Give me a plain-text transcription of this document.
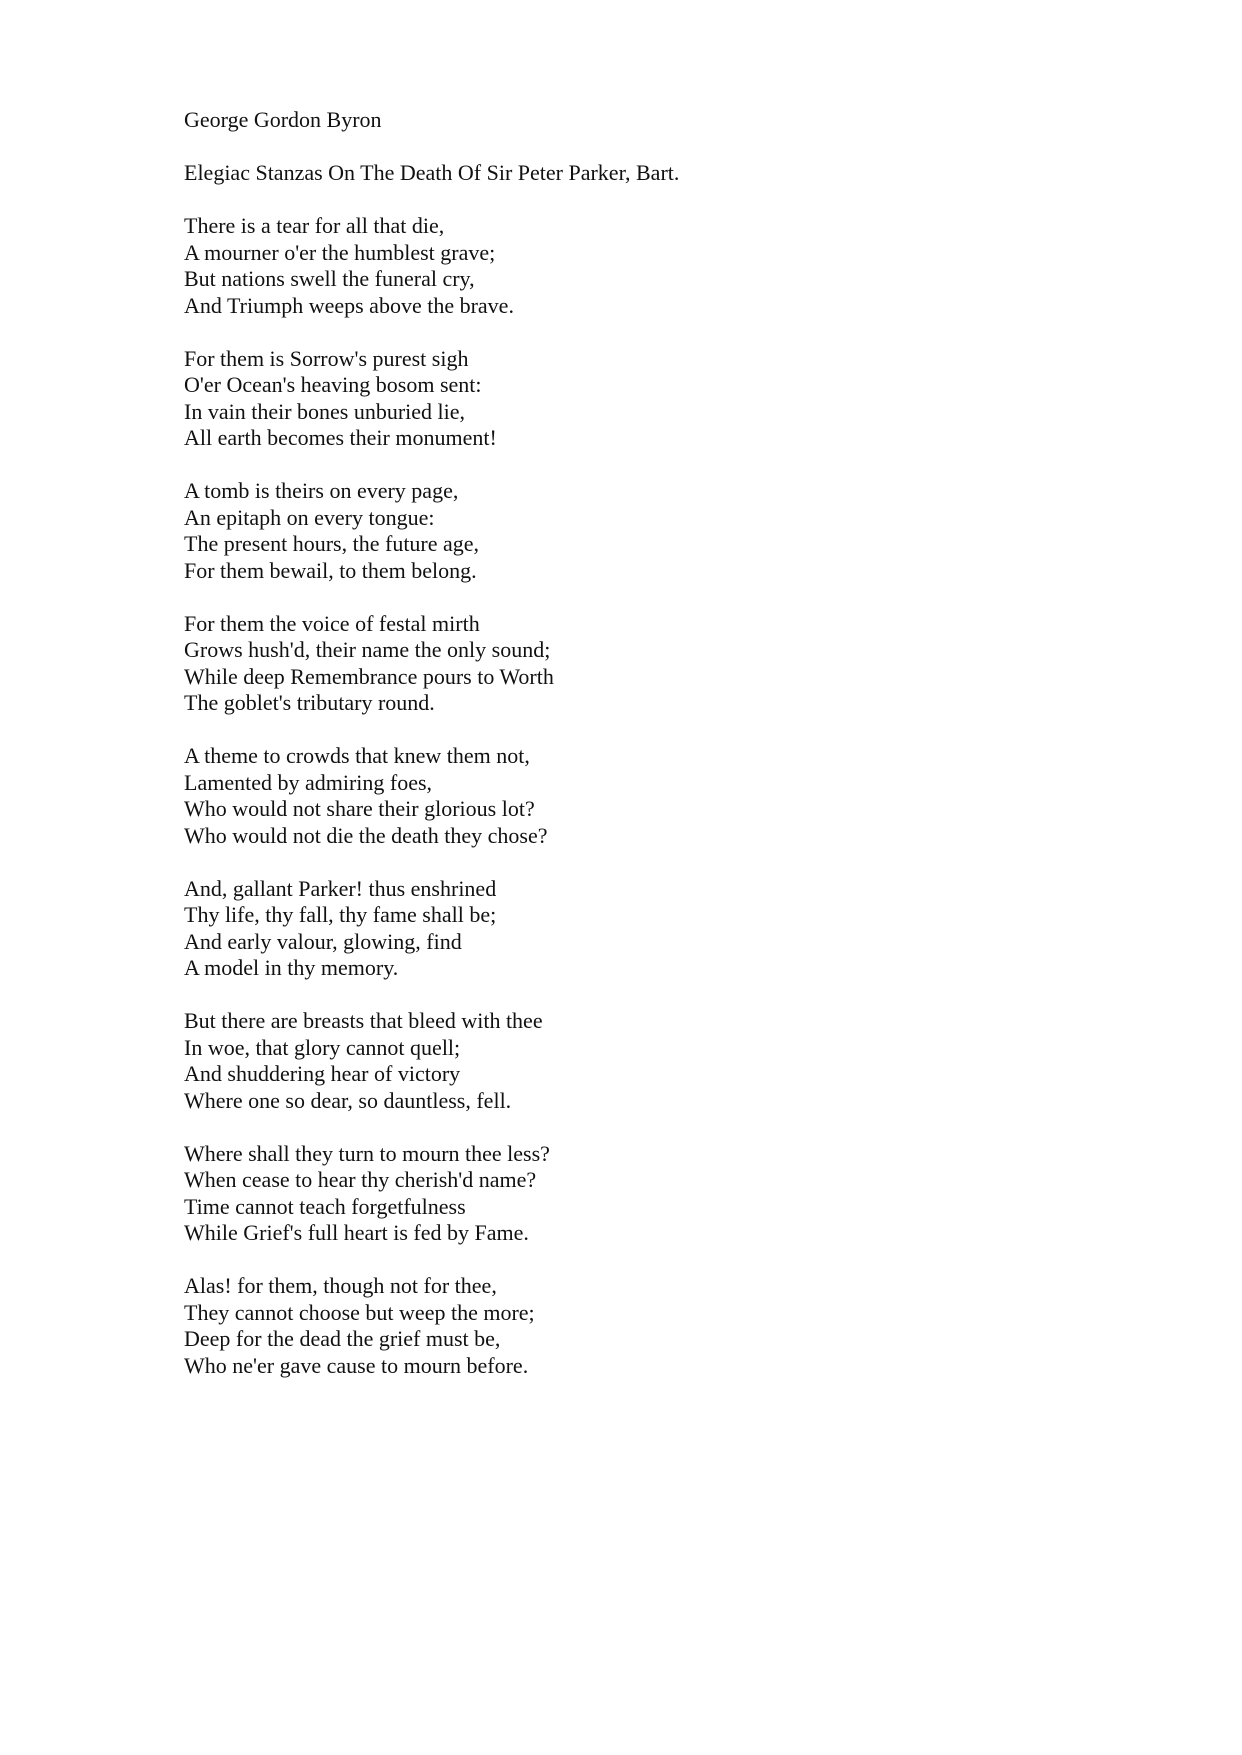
George Gordon Byron

Elegiac Stanzas On The Death Of Sir Peter Parker, Bart.

There is a tear for all that die,
A mourner o'er the humblest grave;
But nations swell the funeral cry,
And Triumph weeps above the brave.
For them is Sorrow's purest sigh
O'er Ocean's heaving bosom sent:
In vain their bones unburied lie,
All earth becomes their monument!
A tomb is theirs on every page,
An epitaph on every tongue:
The present hours, the future age,
For them bewail, to them belong.
For them the voice of festal mirth
Grows hush'd, their name the only sound;
While deep Remembrance pours to Worth
The goblet's tributary round.
A theme to crowds that knew them not,
Lamented by admiring foes,
Who would not share their glorious lot?
Who would not die the death they chose?
And, gallant Parker! thus enshrined
Thy life, thy fall, thy fame shall be;
And early valour, glowing, find
A model in thy memory.
But there are breasts that bleed with thee
In woe, that glory cannot quell;
And shuddering hear of victory
Where one so dear, so dauntless, fell.
Where shall they turn to mourn thee less?
When cease to hear thy cherish'd name?
Time cannot teach forgetfulness
While Grief's full heart is fed by Fame.
Alas! for them, though not for thee,
They cannot choose but weep the more;
Deep for the dead the grief must be,
Who ne'er gave cause to mourn before.
